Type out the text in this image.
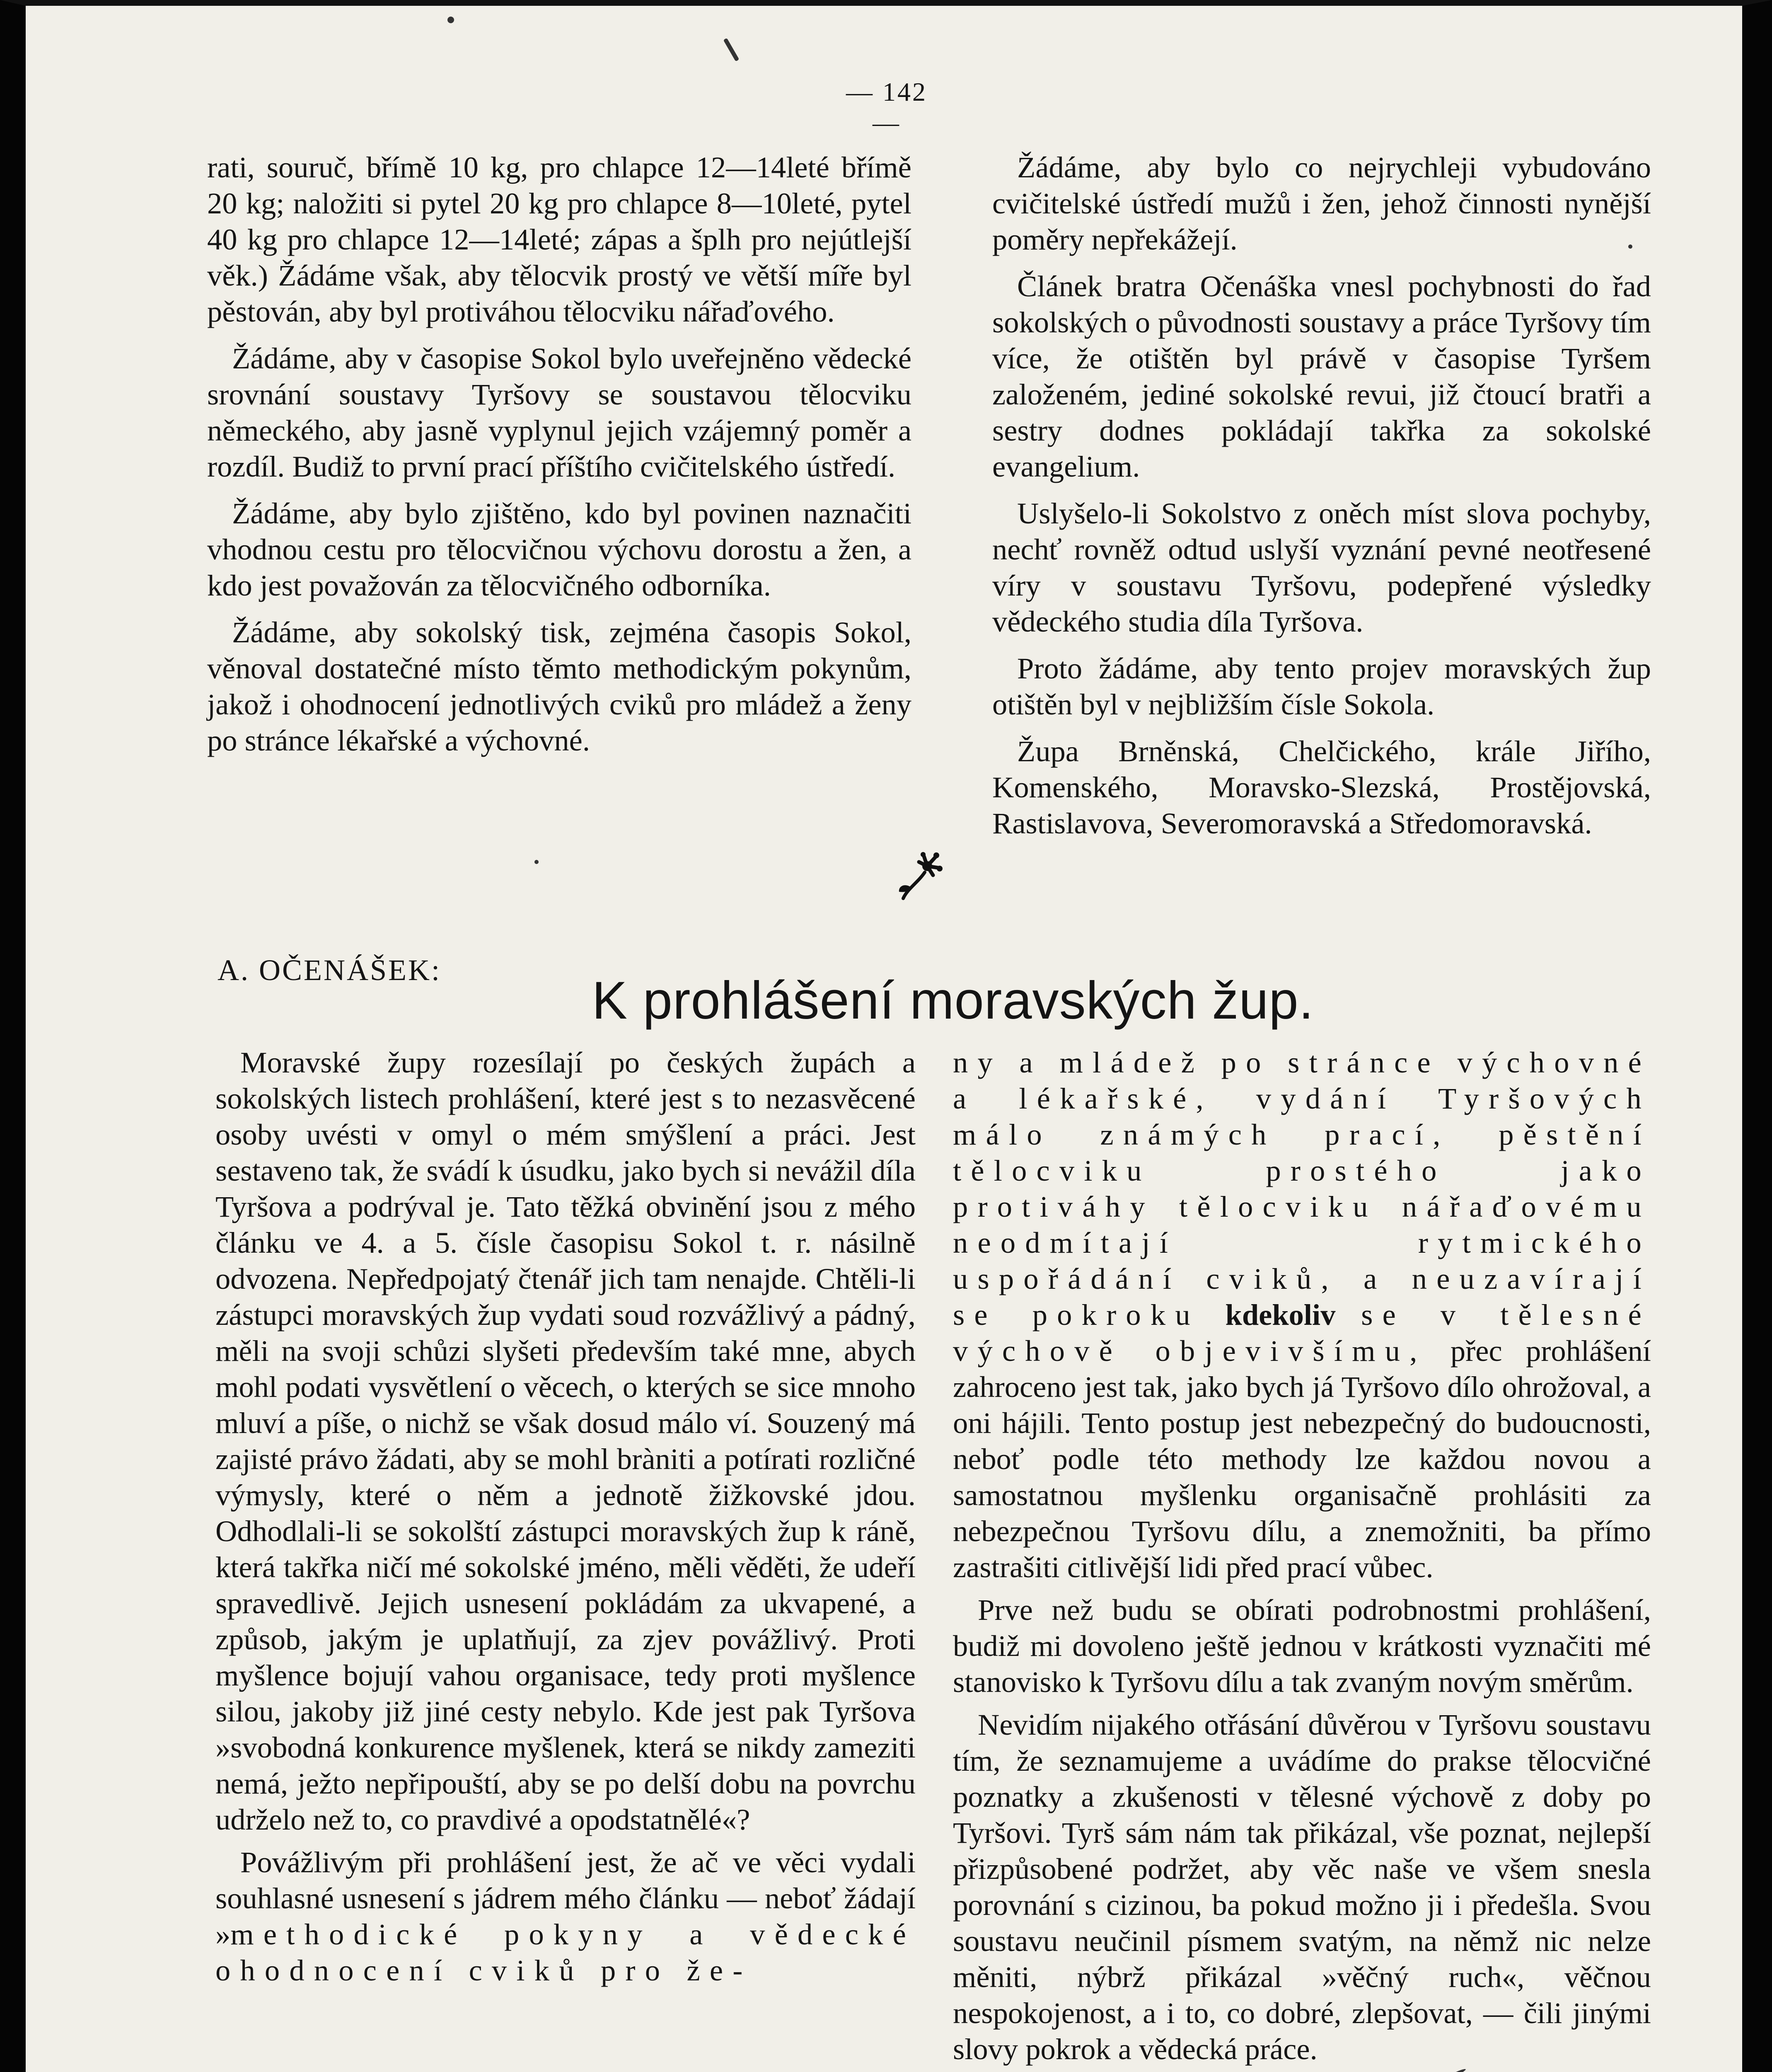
— 142 —

rati, souruč, břímě 10 kg, pro chlapce 12—14leté břímě 20 kg; naložiti si pytel 20 kg pro chlapce 8—10leté, pytel 40 kg pro chlapce 12—14leté; zápas a šplh pro nejútlejší věk.) Žádáme však, aby tělocvik prostý ve větší míře byl pěstován, aby byl protiváhou tělocviku nářaďového.

Žádáme, aby v časopise Sokol bylo uveřejněno vědecké srovnání soustavy Tyršovy se soustavou tělocviku německého, aby jasně vyplynul jejich vzájemný poměr a rozdíl. Budiž to první prací příštího cvičitelského ústředí.

Žádáme, aby bylo zjištěno, kdo byl povinen naznačiti vhodnou cestu pro tělocvičnou výchovu dorostu a žen, a kdo jest považován za tělocvičného odborníka.

Žádáme, aby sokolský tisk, zejména časopis Sokol, věnoval dostatečné místo těmto methodickým pokynům, jakož i ohodnocení jednotlivých cviků pro mládež a ženy po stránce lékařské a výchovné.

Žádáme, aby bylo co nejrychleji vybudováno cvičitelské ústředí mužů i žen, jehož činnosti nynější poměry nepřekážejí.

Článek bratra Očenáška vnesl pochybnosti do řad sokolských o původnosti soustavy a práce Tyršovy tím více, že otištěn byl právě v časopise Tyršem založeném, jediné sokolské revui, již čtoucí bratři a sestry dodnes pokládají takřka za sokolské evangelium.

Uslyšelo-li Sokolstvo z oněch míst slova pochyby, nechť rovněž odtud uslyší vyznání pevné neotřesené víry v soustavu Tyršovu, podepřené výsledky vědeckého studia díla Tyršova.

Proto žádáme, aby tento projev moravských žup otištěn byl v nejbližším čísle Sokola.

Župa Brněnská, Chelčického, krále Jiřího, Komenského, Moravsko-Slezská, Prostějovská, Rastislavova, Severomoravská a Středomoravská.

A. OČENÁŠEK:
K prohlášení moravských žup.

Moravské župy rozesílají po českých župách a sokolských listech prohlášení, které jest s to nezasvěcené osoby uvésti v omyl o mém smýšlení a práci. Jest sestaveno tak, že svádí k úsudku, jako bych si nevážil díla Tyršova a podrýval je. Tato těžká obvinění jsou z mého článku ve 4. a 5. čísle časopisu Sokol t. r. násilně odvozena. Nepředpojatý čtenář jich tam nenajde. Chtěli-li zástupci moravských žup vydati soud rozvážlivý a pádný, měli na svoji schůzi slyšeti především také mne, abych mohl podati vysvětlení o věcech, o kterých se sice mnoho mluví a píše, o nichž se však dosud málo ví. Souzený má zajisté právo žádati, aby se mohl bràniti a potírati rozličné výmysly, které o něm a jednotě žižkovské jdou. Odhodlali-li se sokolští zástupci moravských žup k ráně, která takřka ničí mé sokolské jméno, měli věděti, že udeří spravedlivě. Jejich usnesení pokládám za ukvapené, a způsob, jakým je uplatňují, za zjev povážlivý. Proti myšlence bojují vahou organisace, tedy proti myšlence silou, jakoby již jiné cesty nebylo. Kde jest pak Tyršova »svobodná konkurence myšlenek, která se nikdy zameziti nemá, ježto nepřipouští, aby se po delší dobu na povrchu udrželo než to, co pravdivé a opodstatnělé«?

Povážlivým při prohlášení jest, že ač ve věci vydali souhlasné usnesení s jádrem mého článku — neboť žádají »methodické pokyny a vědecké ohodnocení cviků pro že-

ny a mládež po stránce výchovné a lékařské, vydání Tyršových málo známých prací, pěstění tělocviku prostého jako protiváhy tělocviku nářaďovému neodmítají rytmického uspořádání cviků, a neuzavírají se pokroku kdekoliv se v tělesné výchově objevivšímu, přec prohlášení zahroceno jest tak, jako bych já Tyršovo dílo ohrožoval, a oni hájili. Tento postup jest nebezpečný do budoucnosti, neboť podle této methody lze každou novou a samostatnou myšlenku organisačně prohlásiti za nebezpečnou Tyršovu dílu, a znemožniti, ba přímo zastrašiti citlivější lidi před prací vůbec.

Prve než budu se obírati podrobnostmi prohlášení, budiž mi dovoleno ještě jednou v krátkosti vyznačiti mé stanovisko k Tyršovu dílu a tak zvaným novým směrům.

Nevidím nijakého otřásání důvěrou v Tyršovu soustavu tím, že seznamujeme a uvádíme do prakse tělocvičné poznatky a zkušenosti v tělesné výchově z doby po Tyršovi. Tyrš sám nám tak přikázal, vše poznat, nejlepší přizpůsobené podržet, aby věc naše ve všem snesla porovnání s cizinou, ba pokud možno ji i předešla. Svou soustavu neučinil písmem svatým, na němž nic nelze měniti, nýbrž přikázal »věčný ruch«, věčnou nespokojenost, a i to, co dobré, zlepšovat, — čili jinými slovy pokrok a vědecká práce.
